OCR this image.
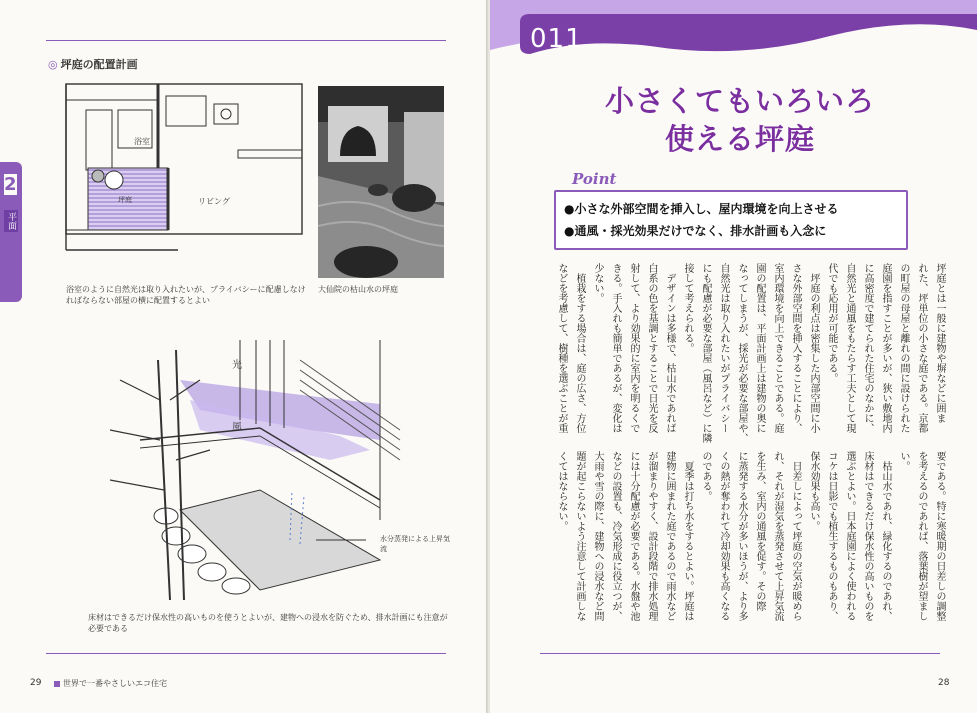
◎ 坪庭の配置計画
2
平面
浴室
リビング
坪庭
浴室のように自然光は取り入れたいが、プライバシーに配慮しなければならない部屋の横に配置するとよい
大仙院の枯山水の坪庭
光
風
水分蒸発による上昇気流
床材はできるだけ保水性の高いものを使うとよいが、建物への浸水を防ぐため、排水計画にも注意が必要である
29	世界で一番やさしいエコ住宅
011
小さくてもいろいろ
使える坪庭
Point
●小さな外部空間を挿入し、屋内環境を向上させる
●通風・採光効果だけでなく、排水計画も入念に
坪庭とは一般に建物や塀などに囲ま
れた、坪単位の小さな庭である。京都
の町屋の母屋と離れの間に設けられた
庭園を指すことが多いが、狭い敷地内
に高密度で建てられた住宅のなかに、
自然光と通風をもたらす工夫として現
代でも応用が可能である。
　坪庭の利点は密集した内部空間に小
さな外部空間を挿入することにより、
室内環境を向上できることである。庭
園の配置は、平面計画上は建物の奥に
なってしまうが、採光が必要な部屋や、
自然光は取り入れたいがプライバシー
にも配慮が必要な部屋（風呂など）に隣
接して考えられる。
　デザインは多様で、枯山水であれば
白系の色を基調とすることで日光を反
射して、より効果的に室内を明るくで
きる。手入れも簡単であるが、変化は
少ない。
　植栽をする場合は、庭の広さ、方位
などを考慮して、樹種を選ぶことが重
要である。特に寒暖期の日差しの調整
を考えるのであれば、落葉樹が望まし
い。
　枯山水であれ、緑化するのであれ、
床材はできるだけ保水性の高いものを
選ぶとよい。日本庭園によく使われる
コケは日影でも植生するものもあり、
保水効果も高い。
　日差しによって坪庭の空気が暖めら
れ、それが湿気を蒸発させて上昇気流
を生み、室内の通風を促す。その際
に蒸発する水分が多いほうが、より多
くの熱が奪われて冷却効果も高くなる
のである。
　夏季は打ち水をするとよい。坪庭は
建物に囲まれた庭であるので雨水など
が溜まりやすく、設計段階で排水処理
には十分配慮が必要である。水盤や池
などの設置も、冷気形成に役立つが、
大雨や雪の際に、建物への浸水など問
題が起こらないよう注意して計画しな
くてはならない。
28
